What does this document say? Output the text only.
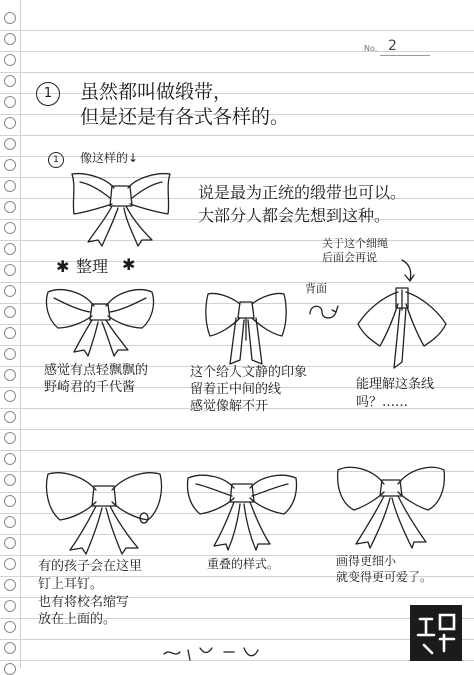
No. 2
1	虽然都叫做缎带，
但是还是有各式各样的。
1	像这样的↓
说是最为正统的缎带也可以。
大部分人都会先想到这种。
✱ 整理 ✱
关于这个细绳
后面会再说
背面
感觉有点轻飘飘的
野崎君的千代酱
这个给人文静的印象
留着正中间的线
感觉像解不开
能理解这条线
吗？……
有的孩子会在这里
钉上耳钉。
也有将校名缩写
放在上面的。
重叠的样式。	画得更细小
就变得更可爱了。
